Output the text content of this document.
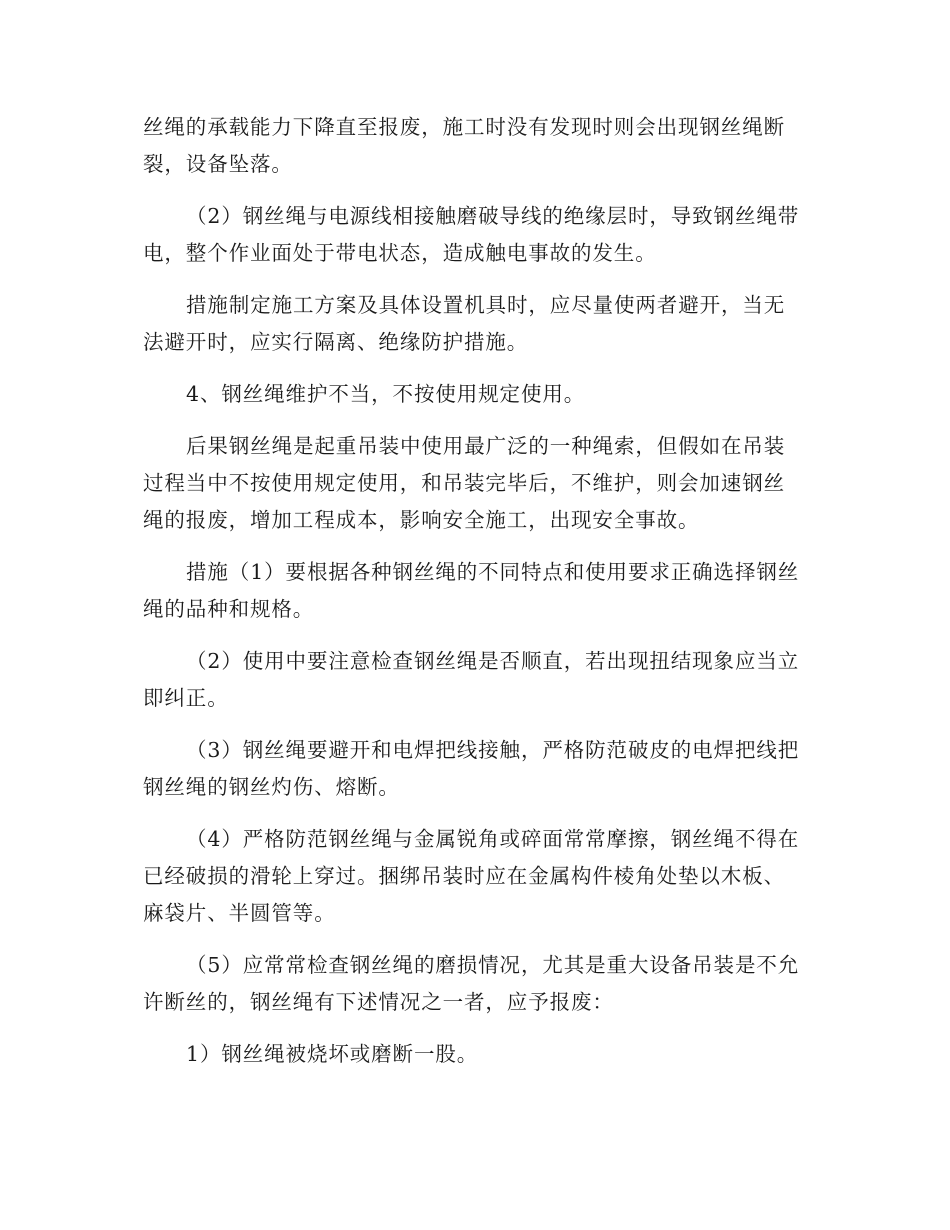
丝绳的承载能力下降直至报废，施工时没有发现时则会出现钢丝绳断
裂，设备坠落。
（2）钢丝绳与电源线相接触磨破导线的绝缘层时，导致钢丝绳带
电，整个作业面处于带电状态，造成触电事故的发生。
措施制定施工方案及具体设置机具时，应尽量使两者避开，当无
法避开时，应实行隔离、绝缘防护措施。
4、钢丝绳维护不当，不按使用规定使用。
后果钢丝绳是起重吊装中使用最广泛的一种绳索，但假如在吊装
过程当中不按使用规定使用，和吊装完毕后，不维护，则会加速钢丝
绳的报废，增加工程成本，影响安全施工，出现安全事故。
措施（1）要根据各种钢丝绳的不同特点和使用要求正确选择钢丝
绳的品种和规格。
（2）使用中要注意检查钢丝绳是否顺直，若出现扭结现象应当立
即纠正。
（3）钢丝绳要避开和电焊把线接触，严格防范破皮的电焊把线把
钢丝绳的钢丝灼伤、熔断。
（4）严格防范钢丝绳与金属锐角或碎面常常摩擦，钢丝绳不得在
已经破损的滑轮上穿过。捆绑吊装时应在金属构件棱角处垫以木板、
麻袋片、半圆管等。
（5）应常常检查钢丝绳的磨损情况，尤其是重大设备吊装是不允
许断丝的，钢丝绳有下述情况之一者，应予报废：
1）钢丝绳被烧坏或磨断一股。
